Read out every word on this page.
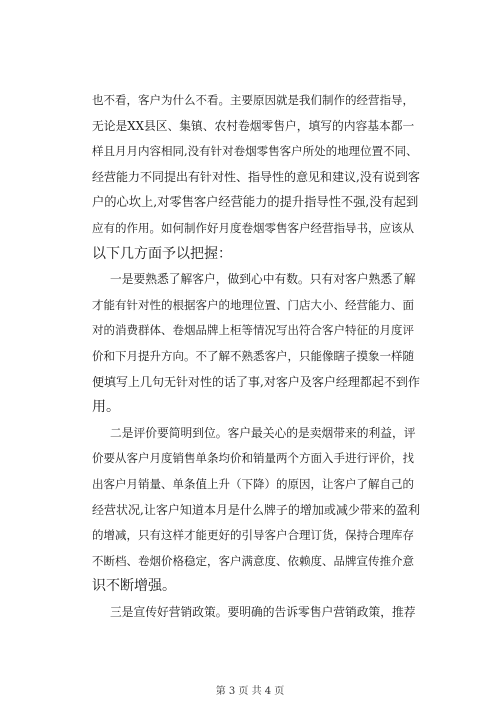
也不看，客户为什么不看。主要原因就是我们制作的经营指导，
无论是XX县区、集镇、农村卷烟零售户，填写的内容基本都一
样且月月内容相同,没有针对卷烟零售客户所处的地理位置不同、
经营能力不同提出有针对性、指导性的意见和建议,没有说到客
户的心坎上,对零售客户经营能力的提升指导性不强,没有起到
应有的作用。如何制作好月度卷烟零售客户经营指导书，应该从
以下几方面予以把握：

一是要熟悉了解客户，做到心中有数。只有对客户熟悉了解
才能有针对性的根据客户的地理位置、门店大小、经营能力、面
对的消费群体、卷烟品牌上柜等情况写出符合客户特征的月度评
价和下月提升方向。不了解不熟悉客户，只能像瞎子摸象一样随
便填写上几句无针对性的话了事,对客户及客户经理都起不到作
用。

二是评价要简明到位。客户最关心的是卖烟带来的利益，评
价要从客户月度销售单条均价和销量两个方面入手进行评价，找
出客户月销量、单条值上升（下降）的原因，让客户了解自己的
经营状况,让客户知道本月是什么牌子的增加或减少带来的盈利
的增减，只有这样才能更好的引导客户合理订货，保持合理库存
不断档、卷烟价格稳定，客户满意度、依赖度、品牌宣传推介意
识不断增强。

三是宣传好营销政策。要明确的告诉零售户营销政策，推荐

第 3 页 共 4 页
